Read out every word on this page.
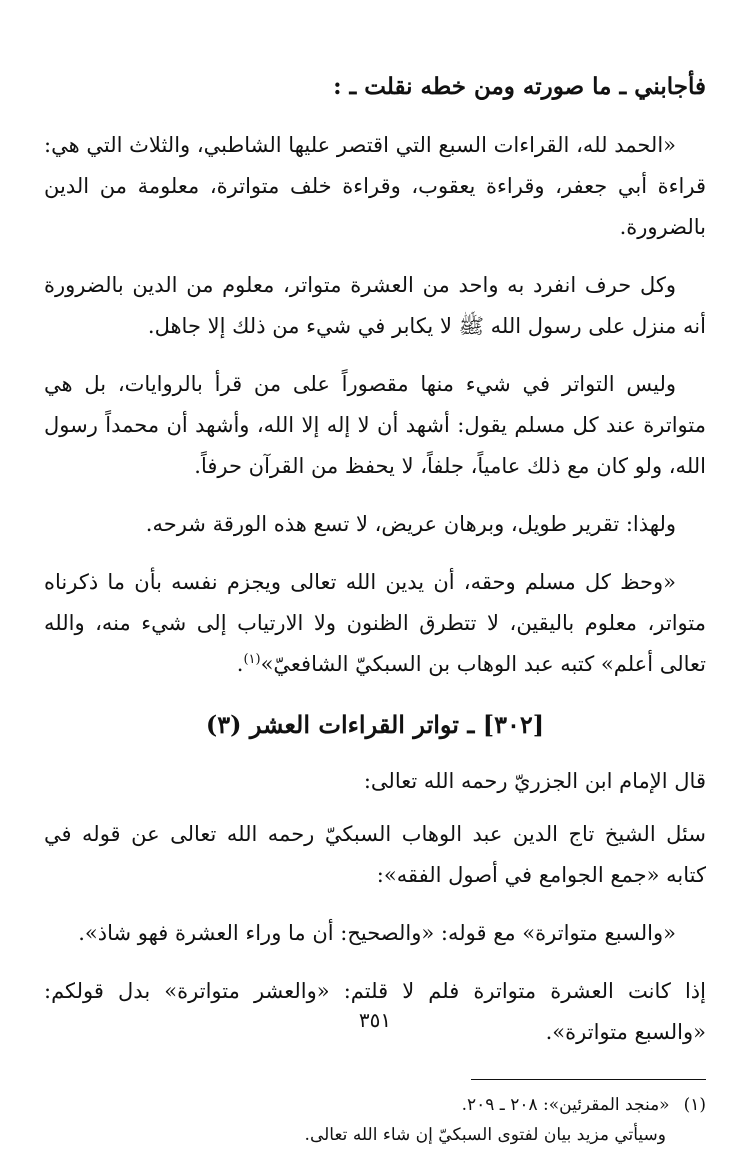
فأجابني ـ ما صورته ومن خطه نقلت ـ :

«الحمد لله، القراءات السبع التي اقتصر عليها الشاطبي، والثلاث التي هي: قراءة أبي جعفر، وقراءة يعقوب، وقراءة خلف متواترة، معلومة من الدين بالضرورة.

وكل حرف انفرد به واحد من العشرة متواتر، معلوم من الدين بالضرورة أنه منزل على رسول الله ﷺ لا يكابر في شيء من ذلك إلا جاهل.

وليس التواتر في شيء منها مقصوراً على من قرأ بالروايات، بل هي متواترة عند كل مسلم يقول: أشهد أن لا إله إلا الله، وأشهد أن محمداً رسول الله، ولو كان مع ذلك عامياً، جلفاً، لا يحفظ من القرآن حرفاً.

ولهذا: تقرير طويل، وبرهان عريض، لا تسع هذه الورقة شرحه.

«وحظ كل مسلم وحقه، أن يدين الله تعالى ويجزم نفسه بأن ما ذكرناه متواتر، معلوم باليقين، لا تتطرق الظنون ولا الارتياب إلى شيء منه، والله تعالى أعلم» كتبه عبد الوهاب بن السبكيّ الشافعيّ»$^{(١)}$.

[٣٠٢] ـ تواتر القراءات العشر (٣)

قال الإمام ابن الجزريّ رحمه الله تعالى:

سئل الشيخ تاج الدين عبد الوهاب السبكيّ رحمه الله تعالى عن قوله في كتابه «جمع الجوامع في أصول الفقه»:

«والسبع متواترة» مع قوله: «والصحيح: أن ما وراء العشرة فهو شاذ».

إذا كانت العشرة متواترة فلم لا قلتم: «والعشر متواترة» بدل قولكم: «والسبع متواترة».

(١)«منجد المقرئين»: ٢٠٨ ـ ٢٠٩.

وسيأتي مزيد بيان لفتوى السبكيّ إن شاء الله تعالى.

٣٥١
